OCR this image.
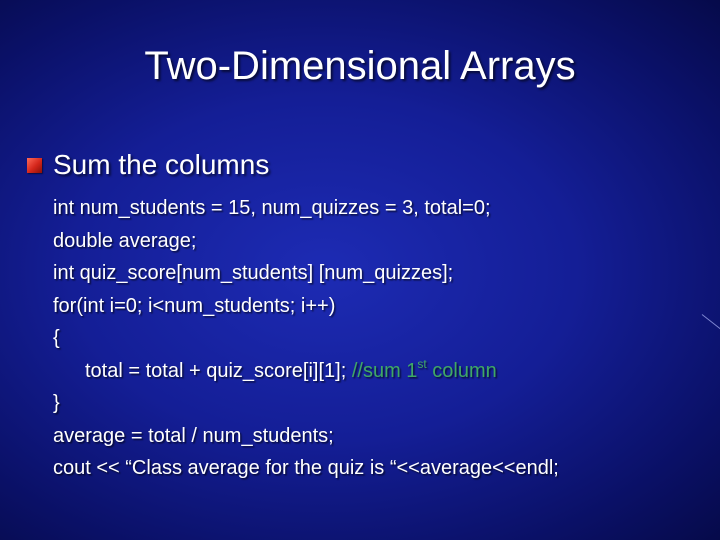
Two-Dimensional Arrays
Sum the columns
int num_students = 15, num_quizzes = 3, total=0;
double average;
int quiz_score[num_students] [num_quizzes];
for(int i=0; i<num_students; i++)
{
total = total + quiz_score[i][1]; //sum 1st column
}
average = total / num_students;
cout << “Class average for the quiz is “<<average<<endl;
